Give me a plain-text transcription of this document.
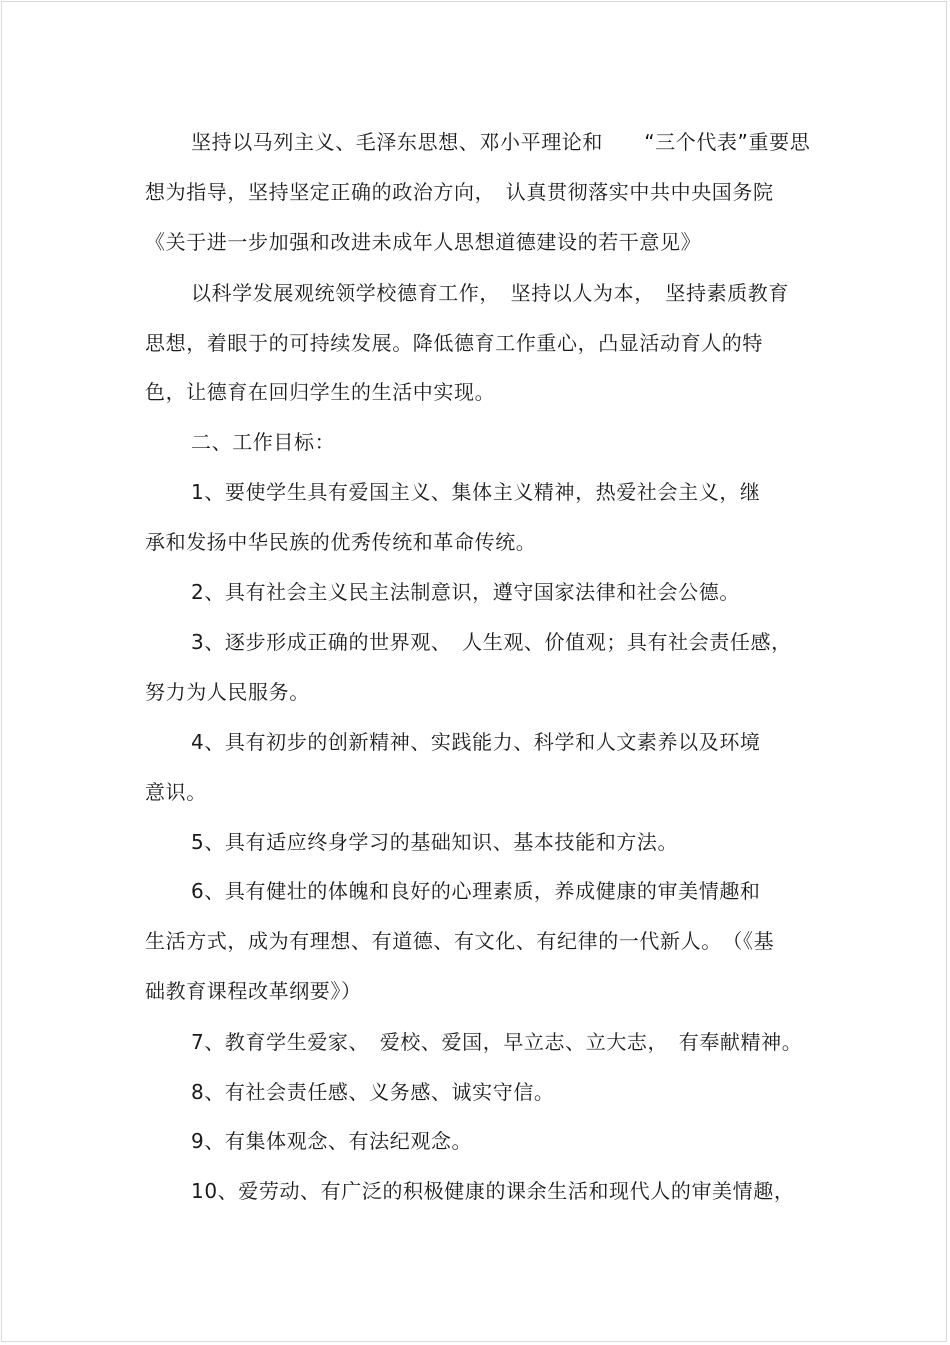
坚持以马列主义、毛泽东思想、邓小平理论和　　“三个代表”重要思
想为指导，坚持坚定正确的政治方向，　认真贯彻落实中共中央国务院
《关于进一步加强和改进未成年人思想道德建设的若干意见》
以科学发展观统领学校德育工作，　坚持以人为本，　坚持素质教育
思想，着眼于的可持续发展。降低德育工作重心，凸显活动育人的特
色，让德育在回归学生的生活中实现。
二、工作目标：
1、要使学生具有爱国主义、集体主义精神，热爱社会主义，继
承和发扬中华民族的优秀传统和革命传统。
2、具有社会主义民主法制意识，遵守国家法律和社会公德。
3、逐步形成正确的世界观、　人生观、价值观；具有社会责任感，
努力为人民服务。
4、具有初步的创新精神、实践能力、科学和人文素养以及环境
意识。
5、具有适应终身学习的基础知识、基本技能和方法。
6、具有健壮的体魄和良好的心理素质，养成健康的审美情趣和
生活方式，成为有理想、有道德、有文化、有纪律的一代新人。　（《基
础教育课程改革纲要》）
7、教育学生爱家、　爱校、爱国，早立志、立大志，　有奉献精神。
8、有社会责任感、义务感、诚实守信。
9、有集体观念、有法纪观念。
10、爱劳动、有广泛的积极健康的课余生活和现代人的审美情趣，
